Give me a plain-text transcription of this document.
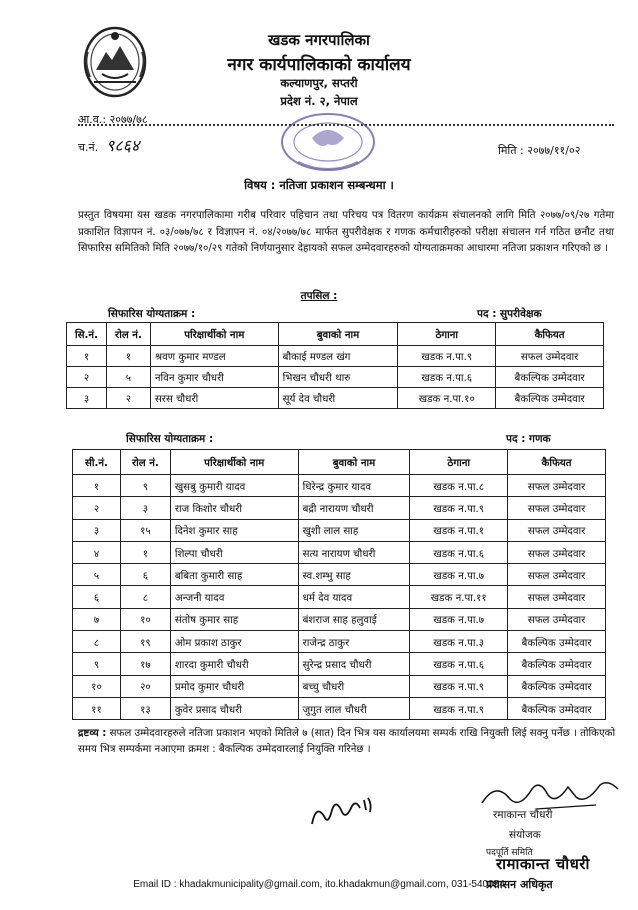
खडक नगरपालिका
नगर कार्यपालिकाको कार्यालय
कल्याणपुर, सप्तरी
प्रदेश नं. २, नेपाल
आ.व.: २०७७/७८
च.नं. ९८६४	मिति : २०७७/११/०२
विषय : नतिजा प्रकाशन सम्बन्धमा ।
प्रस्तुत विषयमा यस खडक नगरपालिकामा गरीब परिवार पहिचान तथा परिचय पत्र वितरण कार्यक्रम संचालनको लागि मिति २०७७/०९/२७ गतेमा प्रकाशित विज्ञापन नं. ०३/०७७/७८ र विज्ञापन नं. ०४/२०७७/७८ मार्फत सुपरीवेक्षक र गणक कर्मचारीहरुको परीक्षा संचालन गर्न गठित छनौट तथा सिफारिस समितिको मिति २०७७/१०/२९ गतेको निर्णयानुसार देहायको सफल उम्मेदवारहरुको योग्यताक्रमका आधारमा नतिजा प्रकाशन गरिएको छ ।
तपसिल :
सिफारिस योग्यताक्रम :	पद : सुपरीवेक्षक
सि.नं.	रोल नं.	परिक्षार्थीको नाम	बुवाको नाम	ठेगाना	कैफियत
१	१	श्रवण कुमार मण्डल	बौकाई मण्डल खंग	खडक न.पा.९	सफल उम्मेदवार
२	५	नविन कुमार चौधरी	भिखन चौधरी थारु	खडक न.पा.६	बैकल्पिक उम्मेदवार
३	२	सरस चौधरी	सूर्य देव चौधरी	खडक न.पा.१०	बैकल्पिक उम्मेदवार
सिफारिस योग्यताक्रम :	पद : गणक
सी.नं.	रोल नं.	परिक्षार्थीको नाम	बुवाको नाम	ठेगाना	कैफियत
१	९	खुसबु कुमारी यादव	धिरेन्द्र कुमार यादव	खडक न.पा.८	सफल उम्मेदवार
२	३	राज किशोर चौधरी	बद्री नारायण चौधरी	खडक न.पा.९	सफल उम्मेदवार
३	१५	दिनेश कुमार साह	खुशी लाल साह	खडक न.पा.१	सफल उम्मेदवार
४	१	शिल्पा चौधरी	सत्य नारायण चौधरी	खडक न.पा.६	सफल उम्मेदवार
५	६	बबिता कुमारी साह	स्व.शम्भु साह	खडक न.पा.७	सफल उम्मेदवार
६	८	अन्जनी यादव	धर्म देव यादव	खडक न.पा.११	सफल उम्मेदवार
७	१०	संतोष कुमार साह	बंशराज साह हलुवाई	खडक न.पा.७	सफल उम्मेदवार
८	१९	ओम प्रकाश ठाकुर	राजेन्द्र ठाकुर	खडक न.पा.३	बैकल्पिक उम्मेदवार
९	१७	शारदा कुमारी चौधरी	सुरेन्द्र प्रसाद चौधरी	खडक न.पा.६	बैकल्पिक उम्मेदवार
१०	२०	प्रमोद कुमार चौधरी	बच्चु चौधरी	खडक न.पा.९	बैकल्पिक उम्मेदवार
११	१३	कुवेर प्रसाद चौधरी	जुगुत लाल चौधरी	खडक न.पा.९	बैकल्पिक उम्मेदवार
द्रष्टव्य : सफल उम्मेदवारहरुले नतिजा प्रकाशन भएको मितिले ७ (सात) दिन भित्र यस कार्यालयमा सम्पर्क राखि नियुक्ती लिई सक्नु पर्नेछ । तोकिएको समय भित्र सम्पर्कमा नआएमा क्रमश : बैकल्पिक उम्मेदवारलाई नियुक्ति गरिनेछ ।
रमाकान्त चौधरी
संयोजक
पदपूर्ति समिति
रामाकान्त चौधरी
प्रशासन अधिकृत
Email ID : khadakmunicipality@gmail.com, ito.khadakmun@gmail.com, 031-540054
